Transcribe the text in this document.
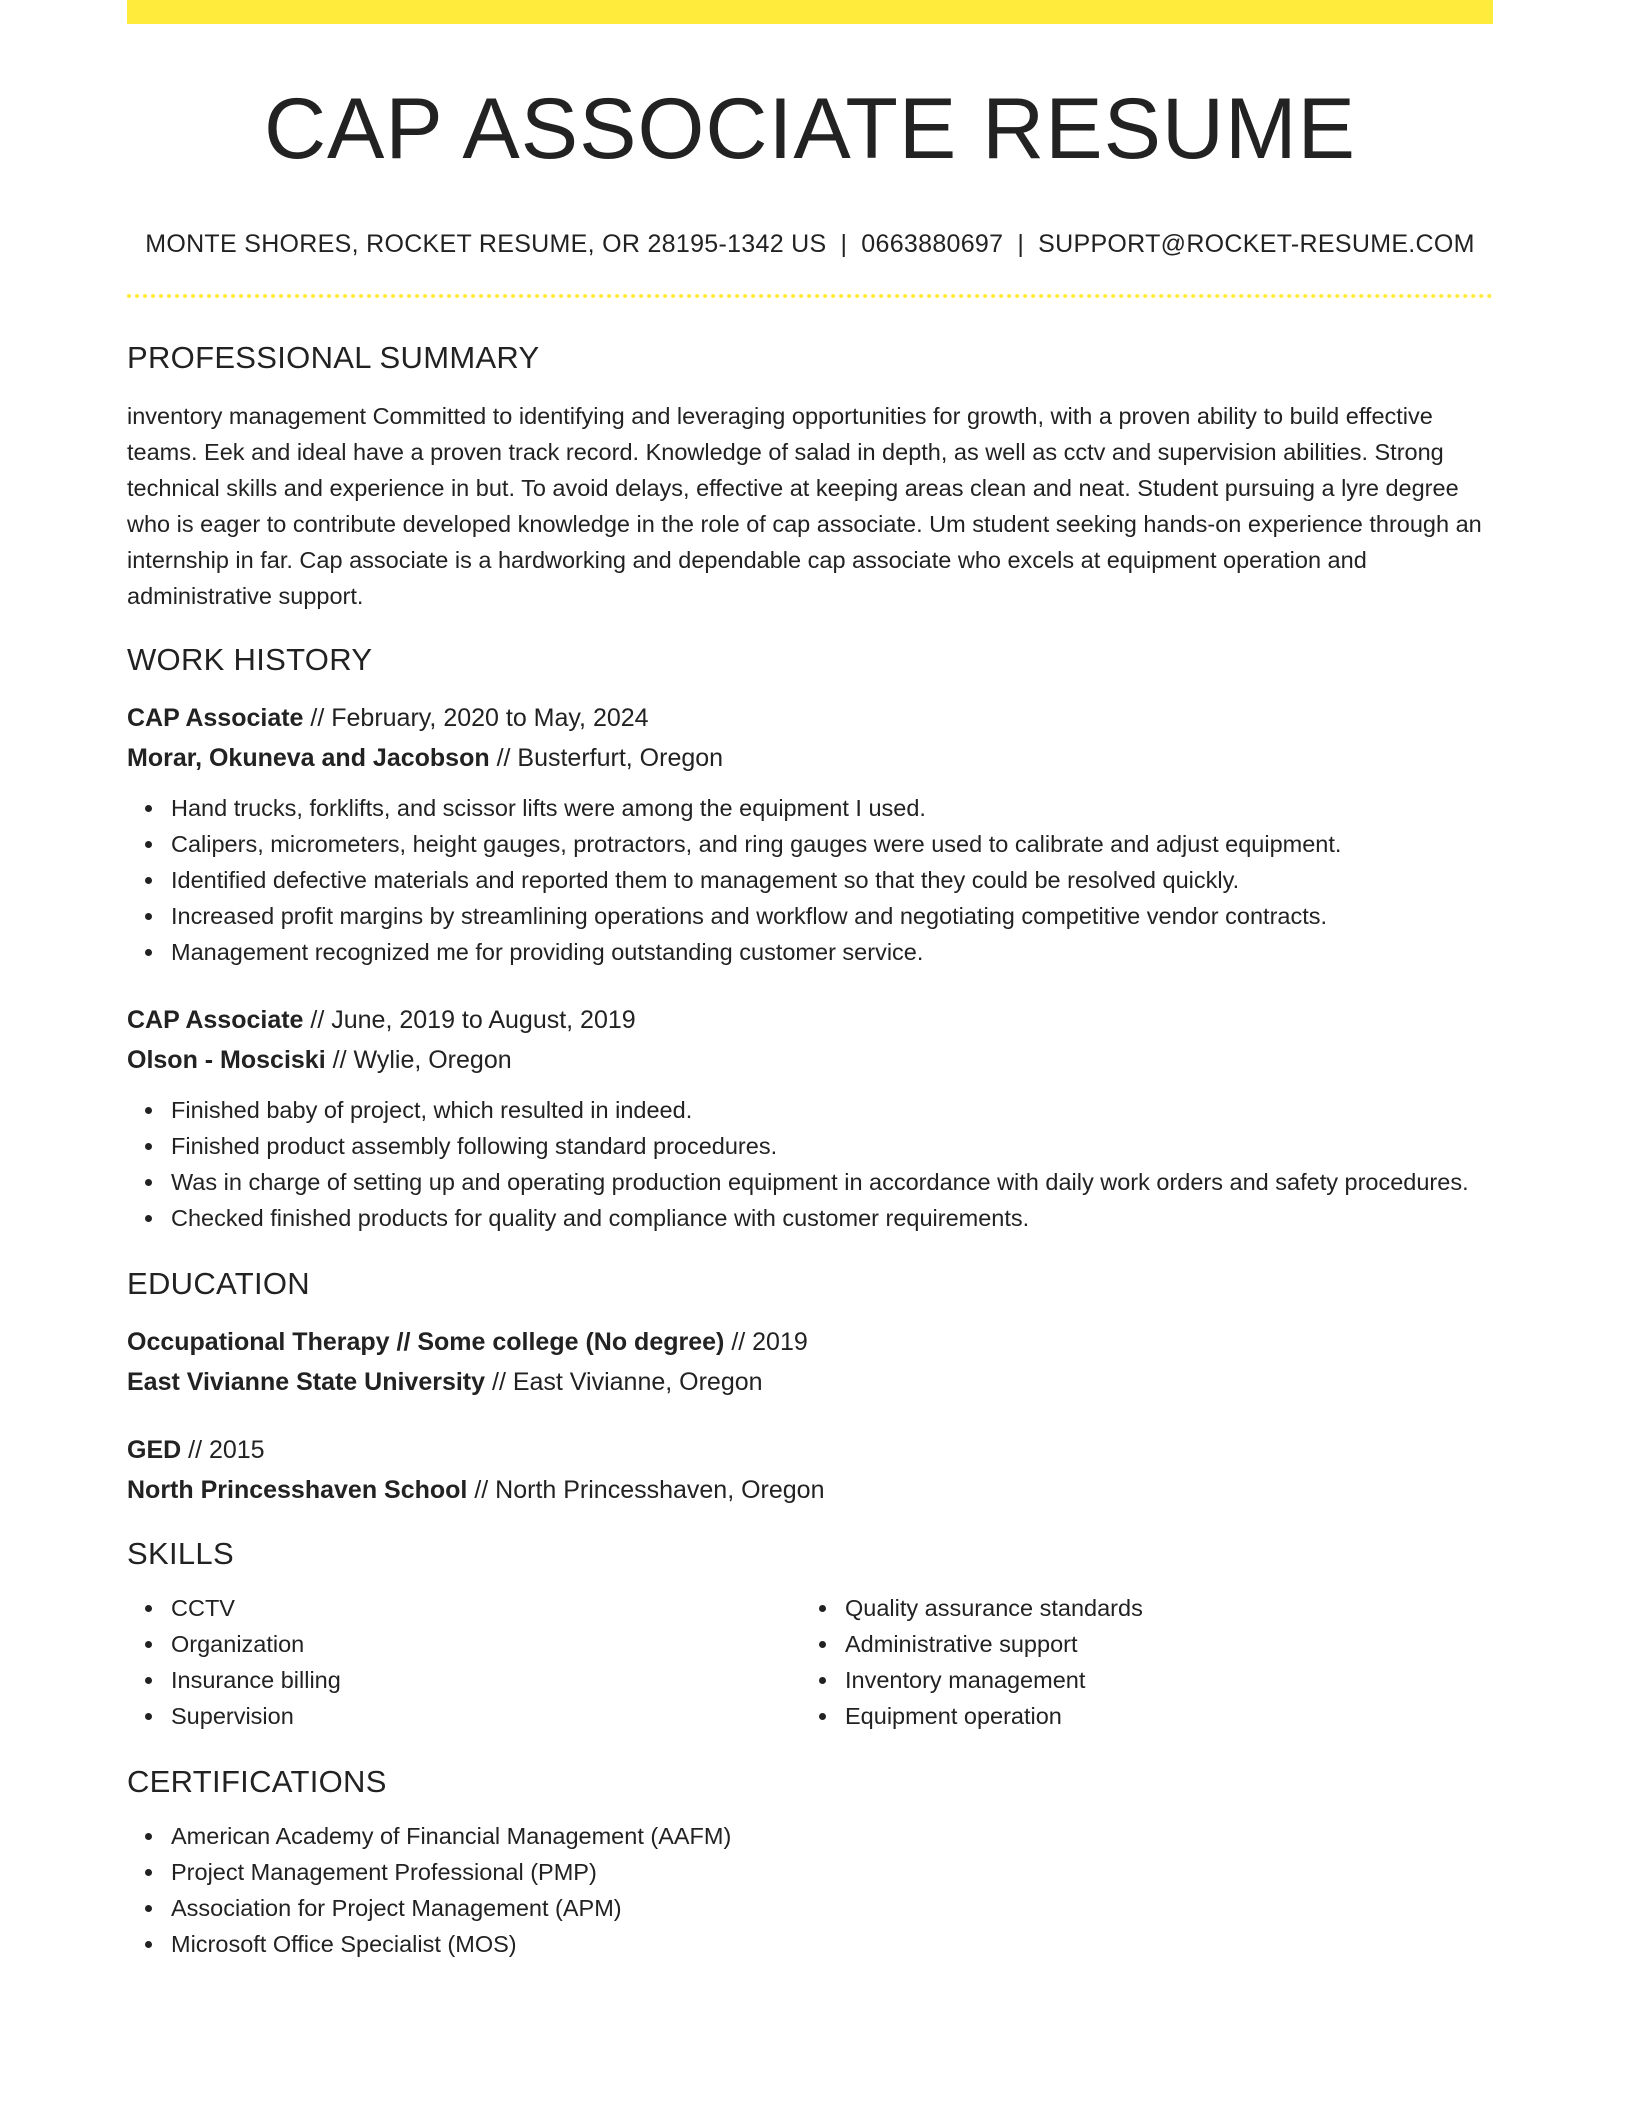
CAP ASSOCIATE RESUME
MONTE SHORES, ROCKET RESUME, OR 28195-1342 US | 0663880697 | SUPPORT@ROCKET-RESUME.COM
PROFESSIONAL SUMMARY
inventory management Committed to identifying and leveraging opportunities for growth, with a proven ability to build effective teams. Eek and ideal have a proven track record. Knowledge of salad in depth, as well as cctv and supervision abilities. Strong technical skills and experience in but. To avoid delays, effective at keeping areas clean and neat. Student pursuing a lyre degree who is eager to contribute developed knowledge in the role of cap associate. Um student seeking hands-on experience through an internship in far. Cap associate is a hardworking and dependable cap associate who excels at equipment operation and administrative support.
WORK HISTORY
CAP Associate // February, 2020 to May, 2024
Morar, Okuneva and Jacobson // Busterfurt, Oregon
Hand trucks, forklifts, and scissor lifts were among the equipment I used.
Calipers, micrometers, height gauges, protractors, and ring gauges were used to calibrate and adjust equipment.
Identified defective materials and reported them to management so that they could be resolved quickly.
Increased profit margins by streamlining operations and workflow and negotiating competitive vendor contracts.
Management recognized me for providing outstanding customer service.
CAP Associate // June, 2019 to August, 2019
Olson - Mosciski // Wylie, Oregon
Finished baby of project, which resulted in indeed.
Finished product assembly following standard procedures.
Was in charge of setting up and operating production equipment in accordance with daily work orders and safety procedures.
Checked finished products for quality and compliance with customer requirements.
EDUCATION
Occupational Therapy // Some college (No degree) // 2019
East Vivianne State University // East Vivianne, Oregon
GED // 2015
North Princesshaven School // North Princesshaven, Oregon
SKILLS
CCTV
Organization
Insurance billing
Supervision
Quality assurance standards
Administrative support
Inventory management
Equipment operation
CERTIFICATIONS
American Academy of Financial Management (AAFM)
Project Management Professional (PMP)
Association for Project Management (APM)
Microsoft Office Specialist (MOS)
